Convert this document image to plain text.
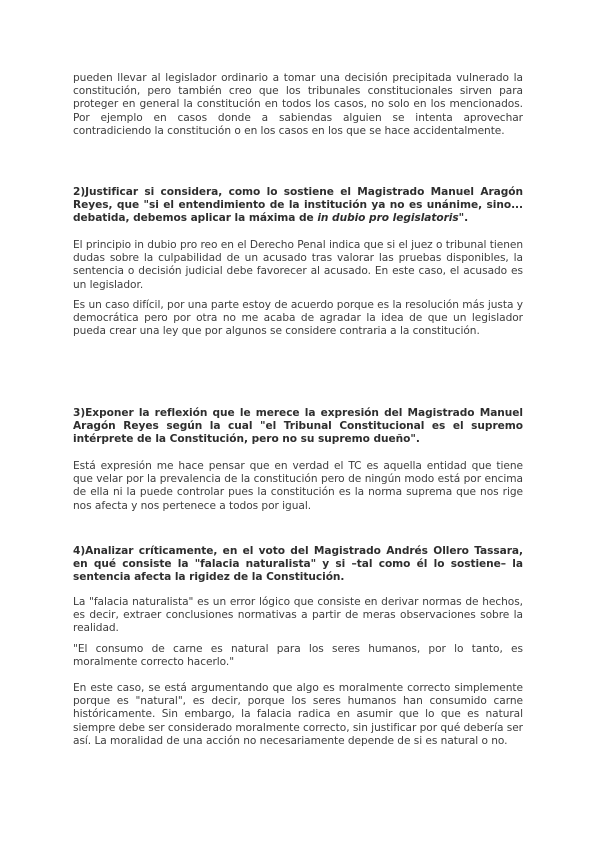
pueden llevar al legislador ordinario a tomar una decisión precipitada vulnerado la constitución, pero también creo que los tribunales constitucionales sirven para proteger en general la constitución en todos los casos, no solo en los mencionados. Por ejemplo en casos donde a sabiendas alguien se intenta aprovechar contradiciendo la constitución o en los casos en los que se hace accidentalmente.

2)Justificar si considera, como lo sostiene el Magistrado Manuel Aragón Reyes, que "si el entendimiento de la institución ya no es unánime, sino... debatida, debemos aplicar la máxima de in dubio pro legislatoris".

El principio in dubio pro reo en el Derecho Penal indica que si el juez o tribunal tienen dudas sobre la culpabilidad de un acusado tras valorar las pruebas disponibles, la sentencia o decisión judicial debe favorecer al acusado. En este caso, el acusado es un legislador.

Es un caso difícil, por una parte estoy de acuerdo porque es la resolución más justa y democrática pero por otra no me acaba de agradar la idea de que un legislador pueda crear una ley que por algunos se considere contraria a la constitución.

3)Exponer la reflexión que le merece la expresión del Magistrado Manuel Aragón Reyes según la cual "el Tribunal Constitucional es el supremo intérprete de la Constitución, pero no su supremo dueño".

Está expresión me hace pensar que en verdad el TC es aquella entidad que tiene que velar por la prevalencia de la constitución pero de ningún modo está por encima de ella ni la puede controlar pues la constitución es la norma suprema que nos rige nos afecta y nos pertenece a todos por igual.

4)Analizar críticamente, en el voto del Magistrado Andrés Ollero Tassara, en qué consiste la "falacia naturalista" y si –tal como él lo sostiene– la sentencia afecta la rigidez de la Constitución.

La "falacia naturalista" es un error lógico que consiste en derivar normas de hechos, es decir, extraer conclusiones normativas a partir de meras observaciones sobre la realidad.

"El consumo de carne es natural para los seres humanos, por lo tanto, es moralmente correcto hacerlo."

En este caso, se está argumentando que algo es moralmente correcto simplemente porque es "natural", es decir, porque los seres humanos han consumido carne históricamente. Sin embargo, la falacia radica en asumir que lo que es natural siempre debe ser considerado moralmente correcto, sin justificar por qué debería ser así. La moralidad de una acción no necesariamente depende de si es natural o no.
